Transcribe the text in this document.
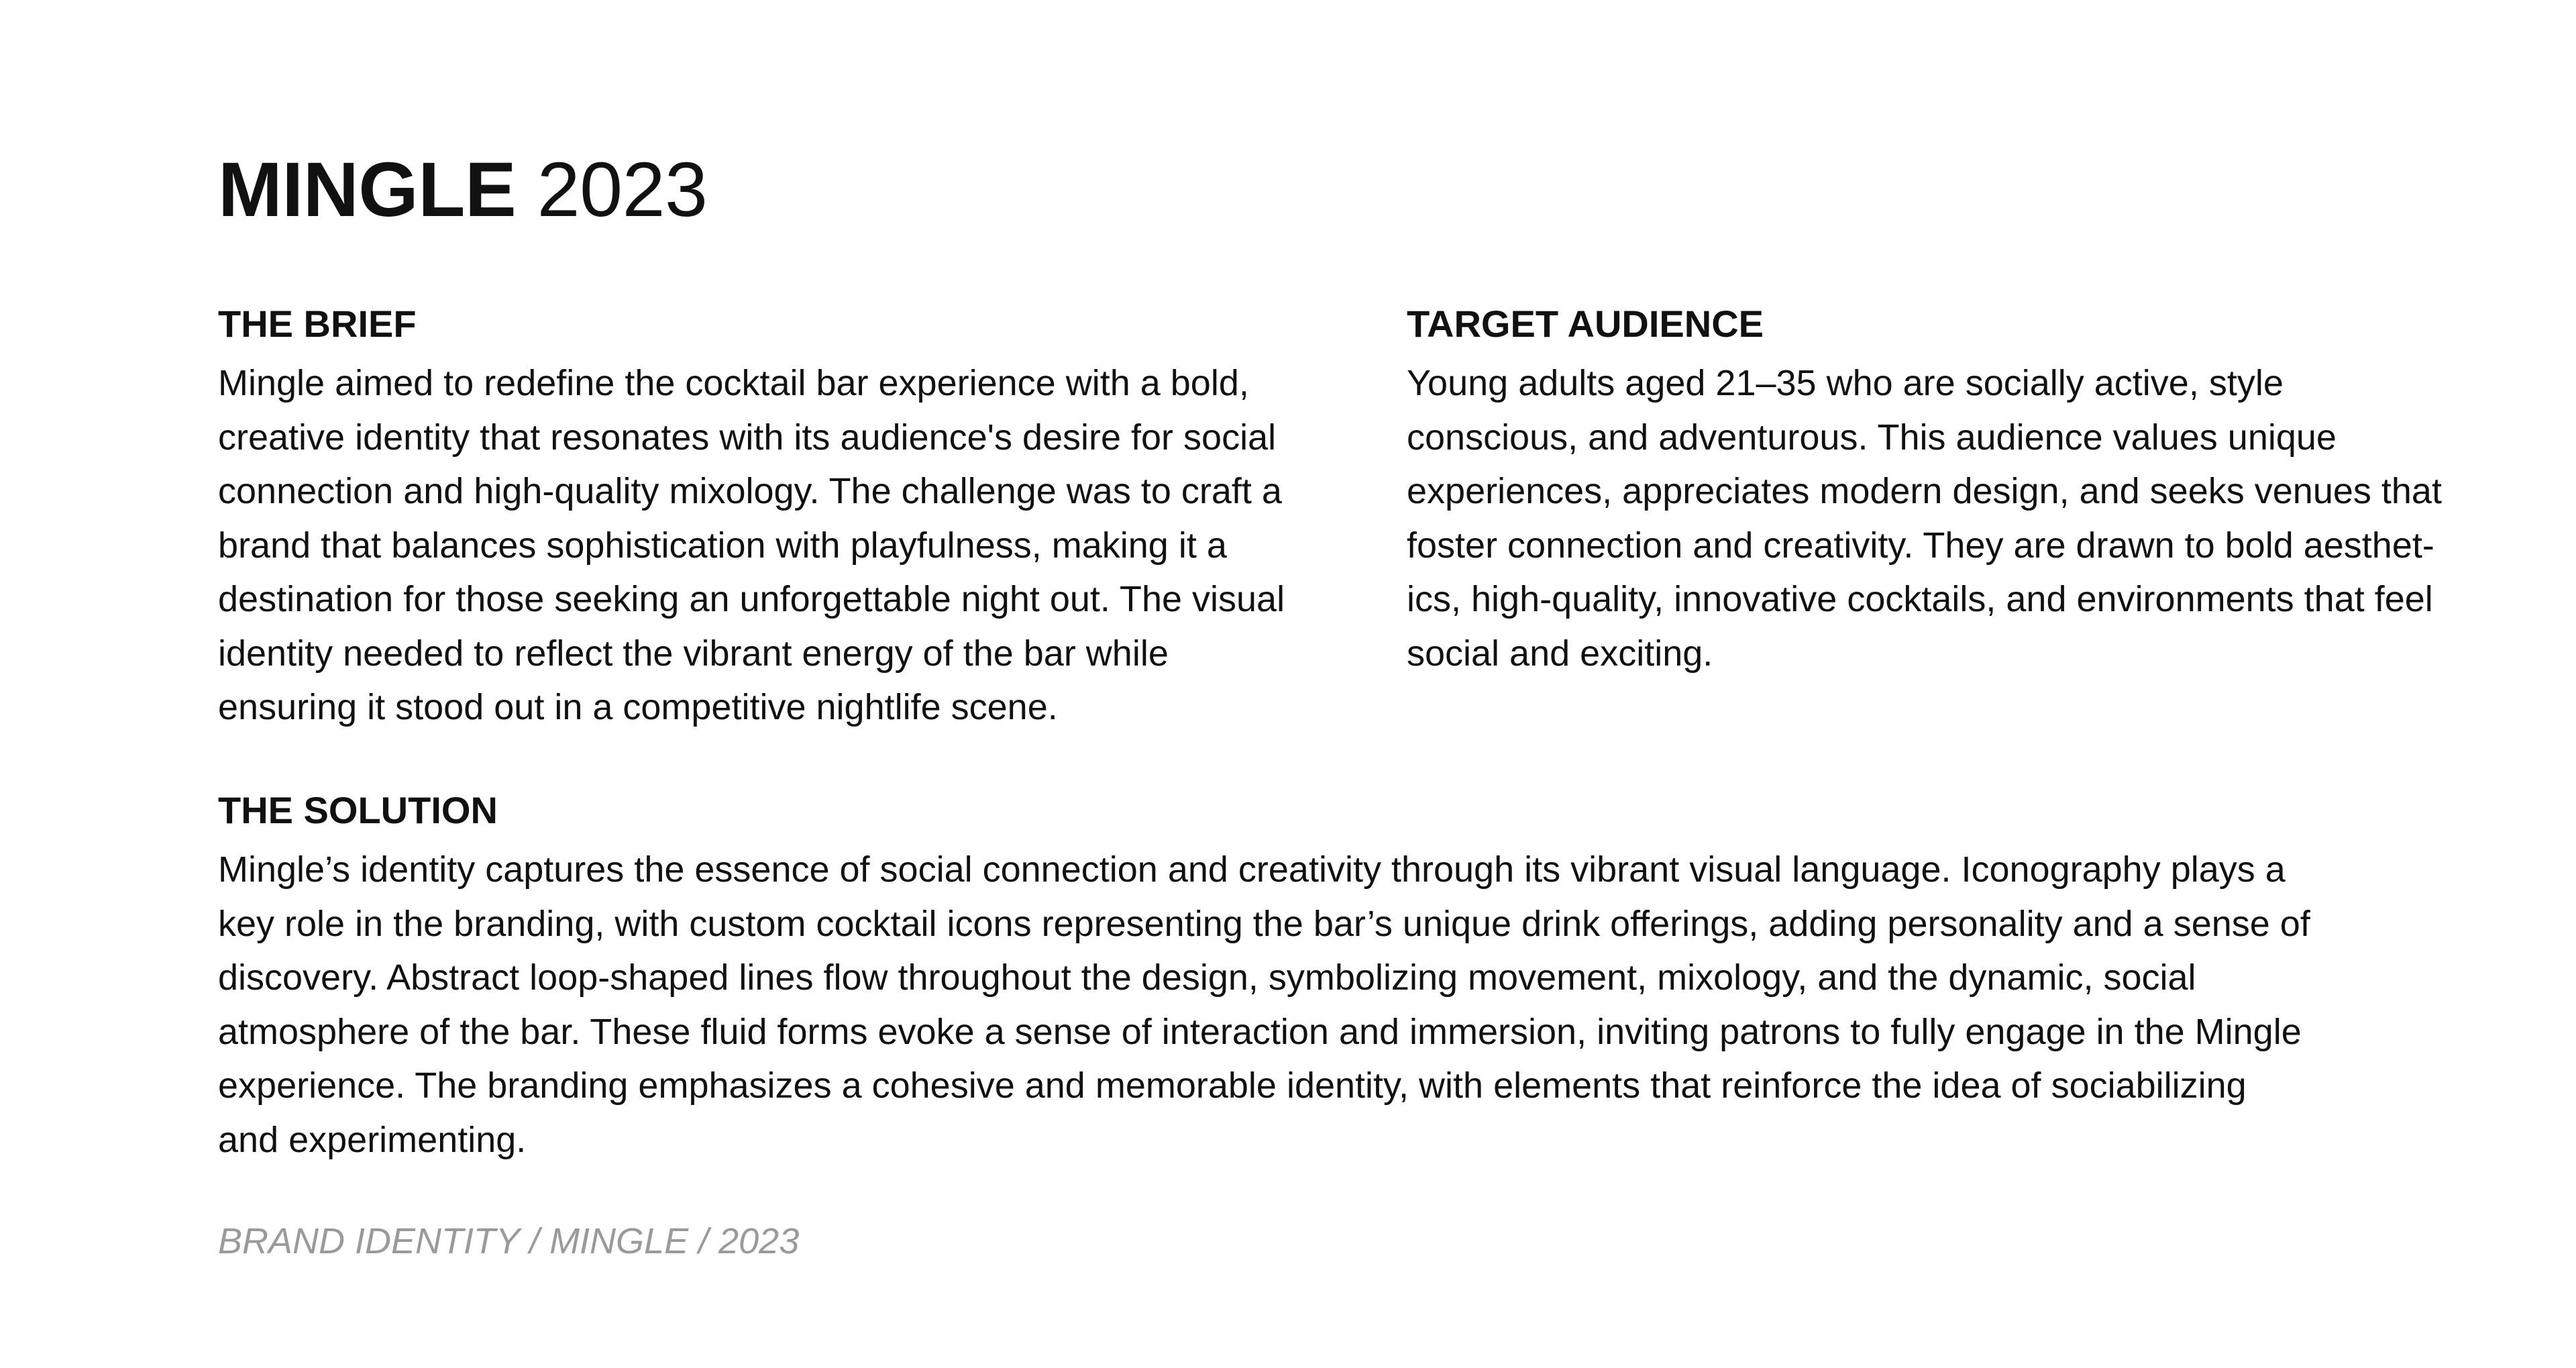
MINGLE 2023
THE BRIEF

Mingle aimed to redefine the cocktail bar experience with a bold,
creative identity that resonates with its audience's desire for social
connection and high-quality mixology. The challenge was to craft a
brand that balances sophistication with playfulness, making it a
destination for those seeking an unforgettable night out. The visual
identity needed to reflect the vibrant energy of the bar while
ensuring it stood out in a competitive nightlife scene.

TARGET AUDIENCE

Young adults aged 21–35 who are socially active, style
conscious, and adventurous. This audience values unique
experiences, appreciates modern design, and seeks venues that
foster connection and creativity. They are drawn to bold aesthet-
ics, high-quality, innovative cocktails, and environments that feel
social and exciting.

THE SOLUTION

Mingle’s identity captures the essence of social connection and creativity through its vibrant visual language. Iconography plays a
key role in the branding, with custom cocktail icons representing the bar’s unique drink offerings, adding personality and a sense of
discovery. Abstract loop-shaped lines flow throughout the design, symbolizing movement, mixology, and the dynamic, social
atmosphere of the bar. These fluid forms evoke a sense of interaction and immersion, inviting patrons to fully engage in the Mingle
experience. The branding emphasizes a cohesive and memorable identity, with elements that reinforce the idea of sociabilizing
and experimenting.

BRAND IDENTITY / MINGLE / 2023
